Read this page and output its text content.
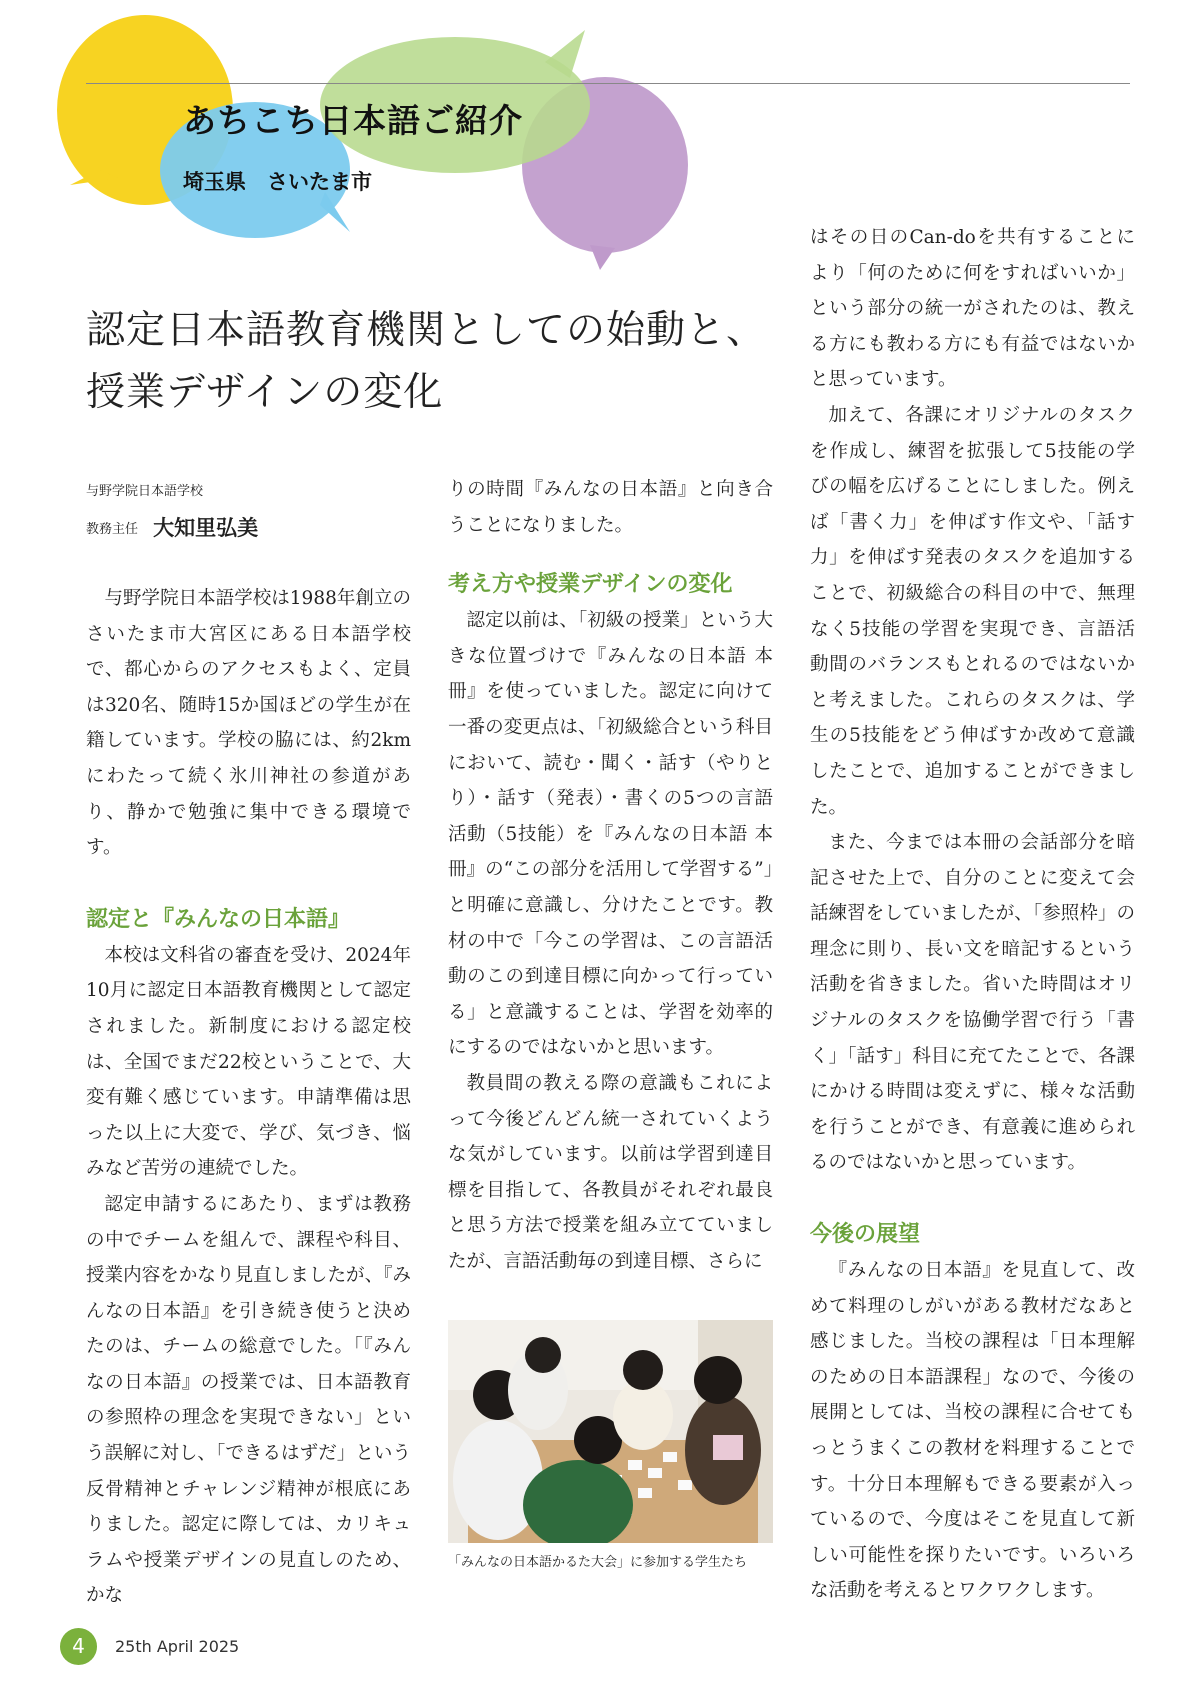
あちこち日本語ご紹介
埼玉県　さいたま市
認定日本語教育機関としての始動と、
授業デザインの変化
与野学院日本語学校
教務主任 大知里弘美

与野学院日本語学校は1988年創立のさいたま市大宮区にある日本語学校で、都心からのアクセスもよく、定員は320名、随時15か国ほどの学生が在籍しています。学校の脇には、約2kmにわたって続く氷川神社の参道があり、静かで勉強に集中できる環境です。

認定と『みんなの日本語』

本校は文科省の審査を受け、2024年10月に認定日本語教育機関として認定されました。新制度における認定校は、全国でまだ22校ということで、大変有難く感じています。申請準備は思った以上に大変で、学び、気づき、悩みなど苦労の連続でした。

認定申請するにあたり、まずは教務の中でチームを組んで、課程や科目、授業内容をかなり見直しましたが、『みんなの日本語』を引き続き使うと決めたのは、チームの総意でした。「『みんなの日本語』の授業では、日本語教育の参照枠の理念を実現できない」という誤解に対し、「できるはずだ」という反骨精神とチャレンジ精神が根底にありました。認定に際しては、カリキュラムや授業デザインの見直しのため、かな

りの時間『みんなの日本語』と向き合うことになりました。

考え方や授業デザインの変化

認定以前は、「初級の授業」という大きな位置づけで『みんなの日本語 本冊』を使っていました。認定に向けて一番の変更点は、「初級総合という科目において、読む・聞く・話す（やりとり）・話す（発表）・書くの5つの言語活動（5技能）を『みんなの日本語 本冊』の“この部分を活用して学習する”」と明確に意識し、分けたことです。教材の中で「今この学習は、この言語活動のこの到達目標に向かって行っている」と意識することは、学習を効率的にするのではないかと思います。

教員間の教える際の意識もこれによって今後どんどん統一されていくような気がしています。以前は学習到達目標を目指して、各教員がそれぞれ最良と思う方法で授業を組み立てていましたが、言語活動毎の到達目標、さらに

「みんなの日本語かるた大会」に参加する学生たち

はその日のCan-doを共有することにより「何のために何をすればいいか」という部分の統一がされたのは、教える方にも教わる方にも有益ではないかと思っています。

加えて、各課にオリジナルのタスクを作成し、練習を拡張して5技能の学びの幅を広げることにしました。例えば「書く力」を伸ばす作文や、「話す力」を伸ばす発表のタスクを追加することで、初級総合の科目の中で、無理なく5技能の学習を実現でき、言語活動間のバランスもとれるのではないかと考えました。これらのタスクは、学生の5技能をどう伸ばすか改めて意識したことで、追加することができました。

また、今までは本冊の会話部分を暗記させた上で、自分のことに変えて会話練習をしていましたが、「参照枠」の理念に則り、長い文を暗記するという活動を省きました。省いた時間はオリジナルのタスクを協働学習で行う「書く」「話す」科目に充てたことで、各課にかける時間は変えずに、様々な活動を行うことができ、有意義に進められるのではないかと思っています。

今後の展望

『みんなの日本語』を見直して、改めて料理のしがいがある教材だなあと感じました。当校の課程は「日本理解のための日本語課程」なので、今後の展開としては、当校の課程に合せてもっとうまくこの教材を料理することです。十分日本理解もできる要素が入っているので、今度はそこを見直して新しい可能性を探りたいです。いろいろな活動を考えるとワクワクします。

4	25th April 2025
